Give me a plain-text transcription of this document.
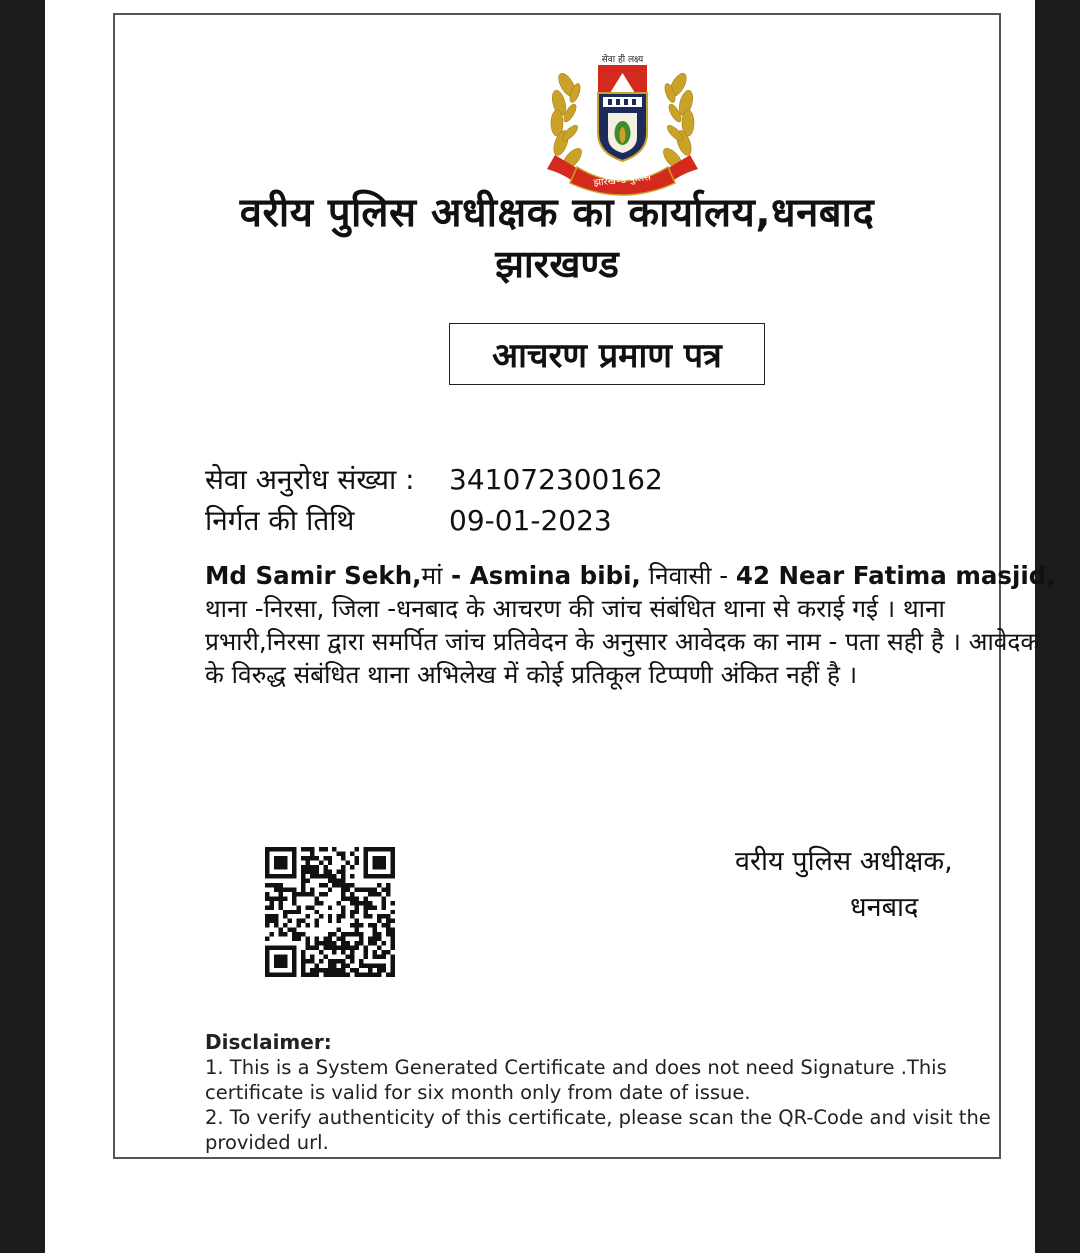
सेवा ही लक्ष्य
झारखण्ड पुलिस
वरीय पुलिस अधीक्षक का कार्यालय,धनबाद
झारखण्ड
आचरण प्रमाण पत्र
सेवा अनुरोध संख्या : 341072300162
निर्गत की तिथि	09-01-2023
Md Samir Sekh,मां - Asmina bibi, निवासी - 42 Near Fatima masjid, थाना -निरसा, जिला -धनबाद के आचरण की जांच संबंधित थाना से कराई गई । थाना प्रभारी,निरसा द्वारा समर्पित जांच प्रतिवेदन के अनुसार आवेदक का नाम - पता सही है । आवेदक के विरुद्ध संबंधित थाना अभिलेख में कोई प्रतिकूल टिप्पणी अंकित नहीं है ।
वरीय पुलिस अधीक्षक,
धनबाद
Disclaimer:
1. This is a System Generated Certificate and does not need Signature .This certificate is valid for six month only from date of issue.
2. To verify authenticity of this certificate, please scan the QR-Code and visit the provided url.
